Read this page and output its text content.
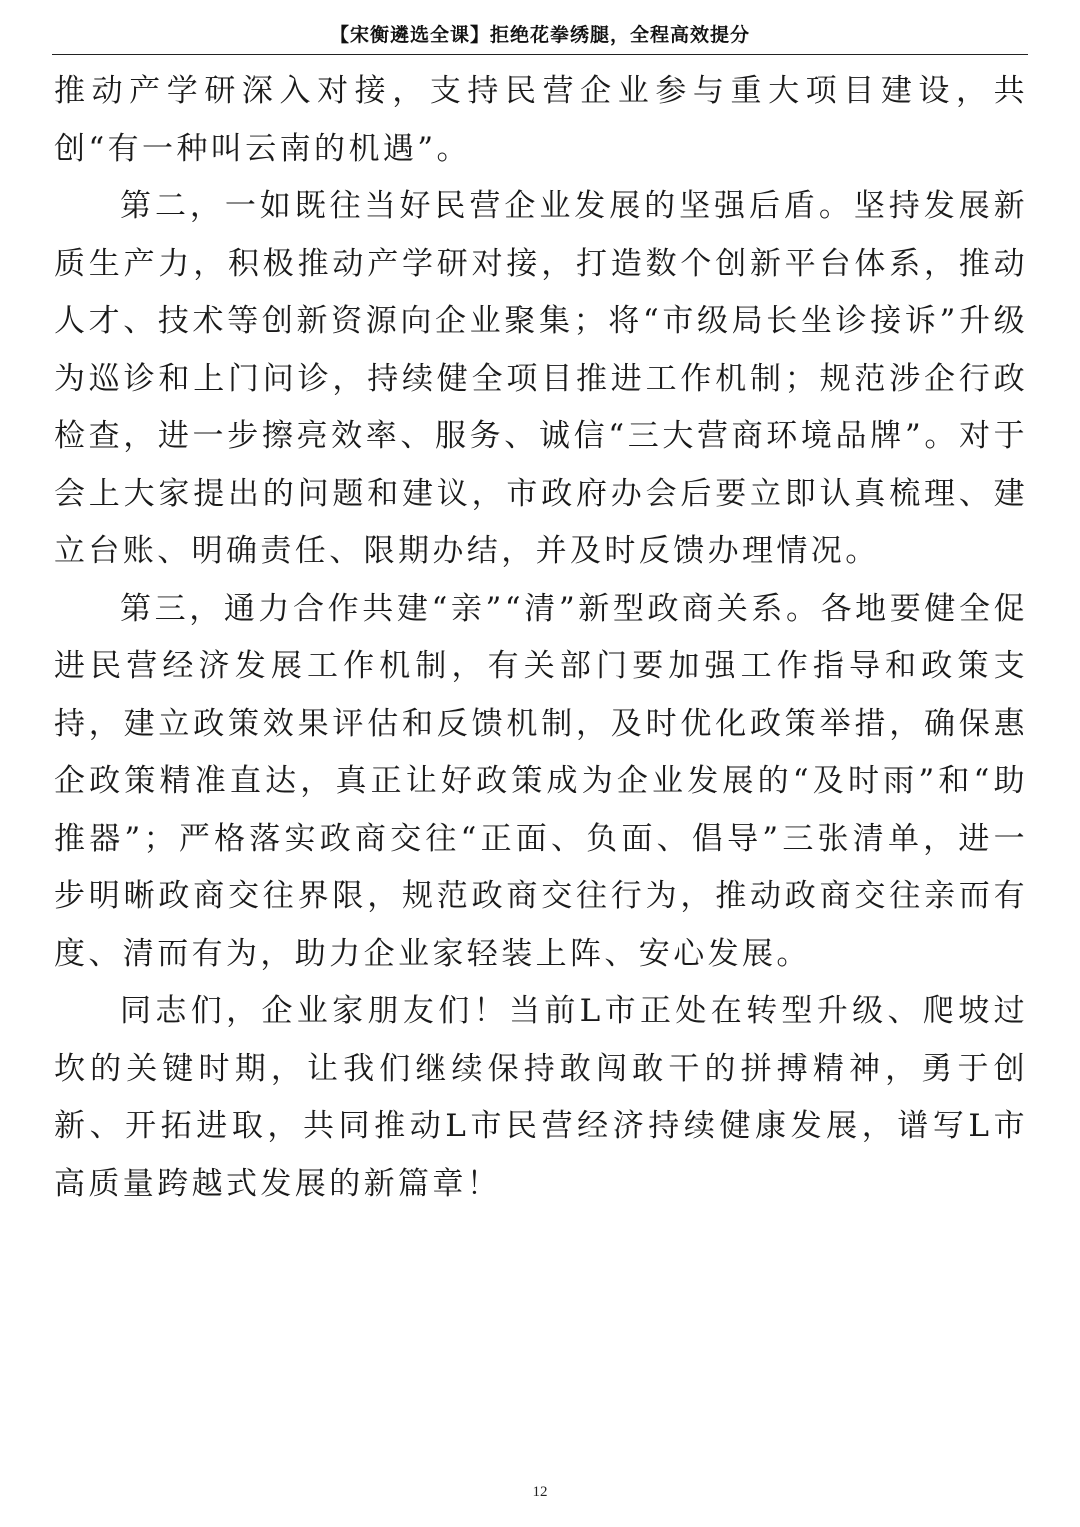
【宋衡遴选全课】拒绝花拳绣腿，全程高效提分

推动产学研深入对接，支持民营企业参与重大项目建设，共创“有一种叫云南的机遇”。

第二，一如既往当好民营企业发展的坚强后盾。坚持发展新质生产力，积极推动产学研对接，打造数个创新平台体系，推动人才、技术等创新资源向企业聚集；将“市级局长坐诊接诉”升级为巡诊和上门问诊，持续健全项目推进工作机制；规范涉企行政检查，进一步擦亮效率、服务、诚信“三大营商环境品牌”。对于会上大家提出的问题和建议，市政府办会后要立即认真梳理、建立台账、明确责任、限期办结，并及时反馈办理情况。

第三，通力合作共建“亲”“清”新型政商关系。各地要健全促进民营经济发展工作机制，有关部门要加强工作指导和政策支持，建立政策效果评估和反馈机制，及时优化政策举措，确保惠企政策精准直达，真正让好政策成为企业发展的“及时雨”和“助推器”；严格落实政商交往“正面、负面、倡导”三张清单，进一步明晰政商交往界限，规范政商交往行为，推动政商交往亲而有度、清而有为，助力企业家轻装上阵、安心发展。

同志们，企业家朋友们！当前L市正处在转型升级、爬坡过坎的关键时期，让我们继续保持敢闯敢干的拼搏精神，勇于创新、开拓进取，共同推动L市民营经济持续健康发展，谱写L市高质量跨越式发展的新篇章！

12
